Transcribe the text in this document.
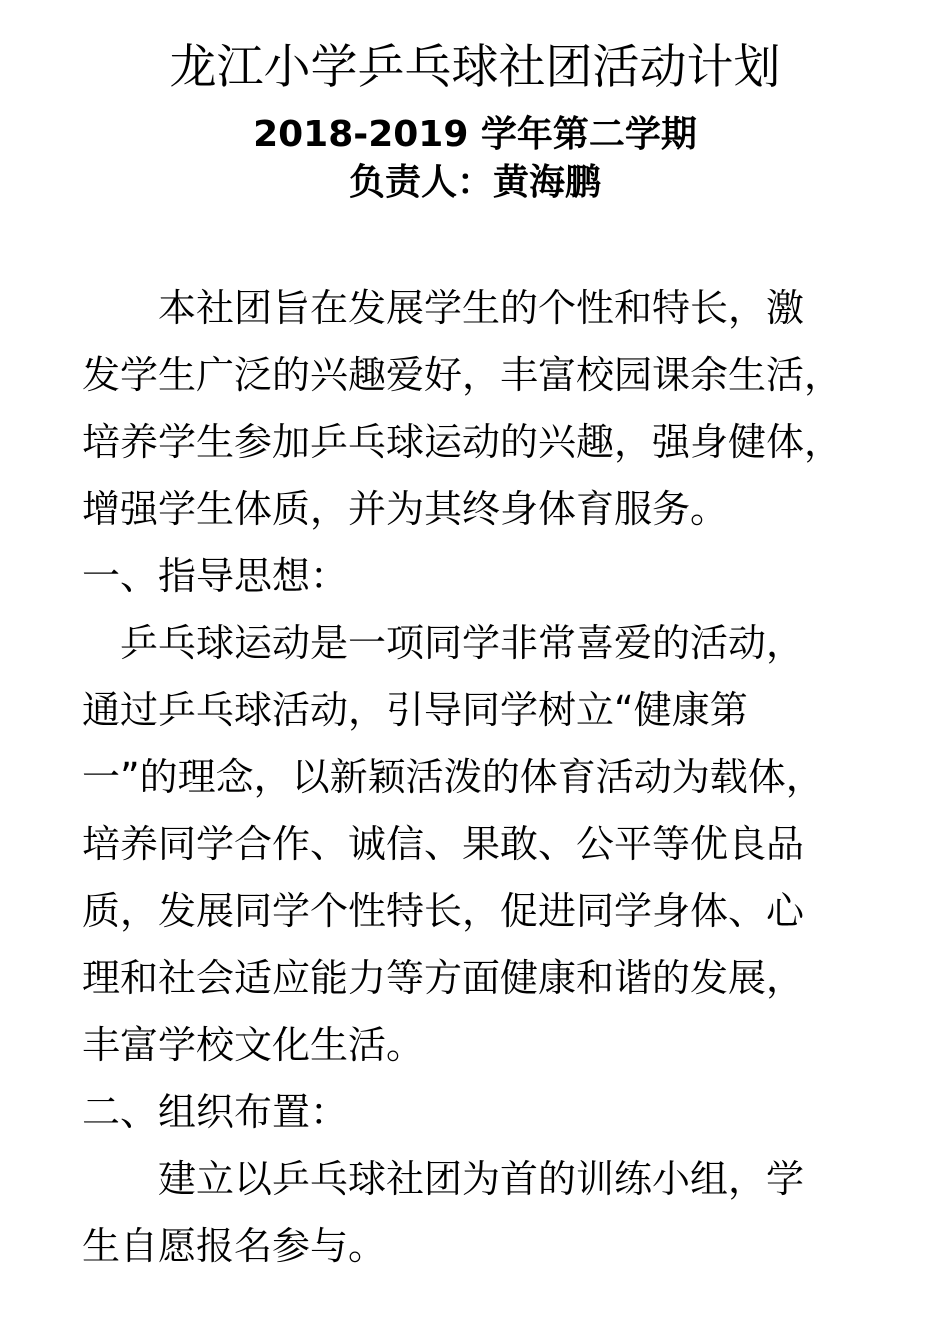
龙江小学乒乓球社团活动计划
2018-2019 学年第二学期
负责人：黄海鹏
　　本社团旨在发展学生的个性和特长，激
发学生广泛的兴趣爱好，丰富校园课余生活，
培养学生参加乒乓球运动的兴趣，强身健体，
增强学生体质，并为其终身体育服务。
一、指导思想：
　乒乓球运动是一项同学非常喜爱的活动，
通过乒乓球活动，引导同学树立“健康第
一”的理念，以新颖活泼的体育活动为载体，
培养同学合作、诚信、果敢、公平等优良品
质，发展同学个性特长，促进同学身体、心
理和社会适应能力等方面健康和谐的发展，
丰富学校文化生活。
二、组织布置：
　　建立以乒乓球社团为首的训练小组，学
生自愿报名参与。
